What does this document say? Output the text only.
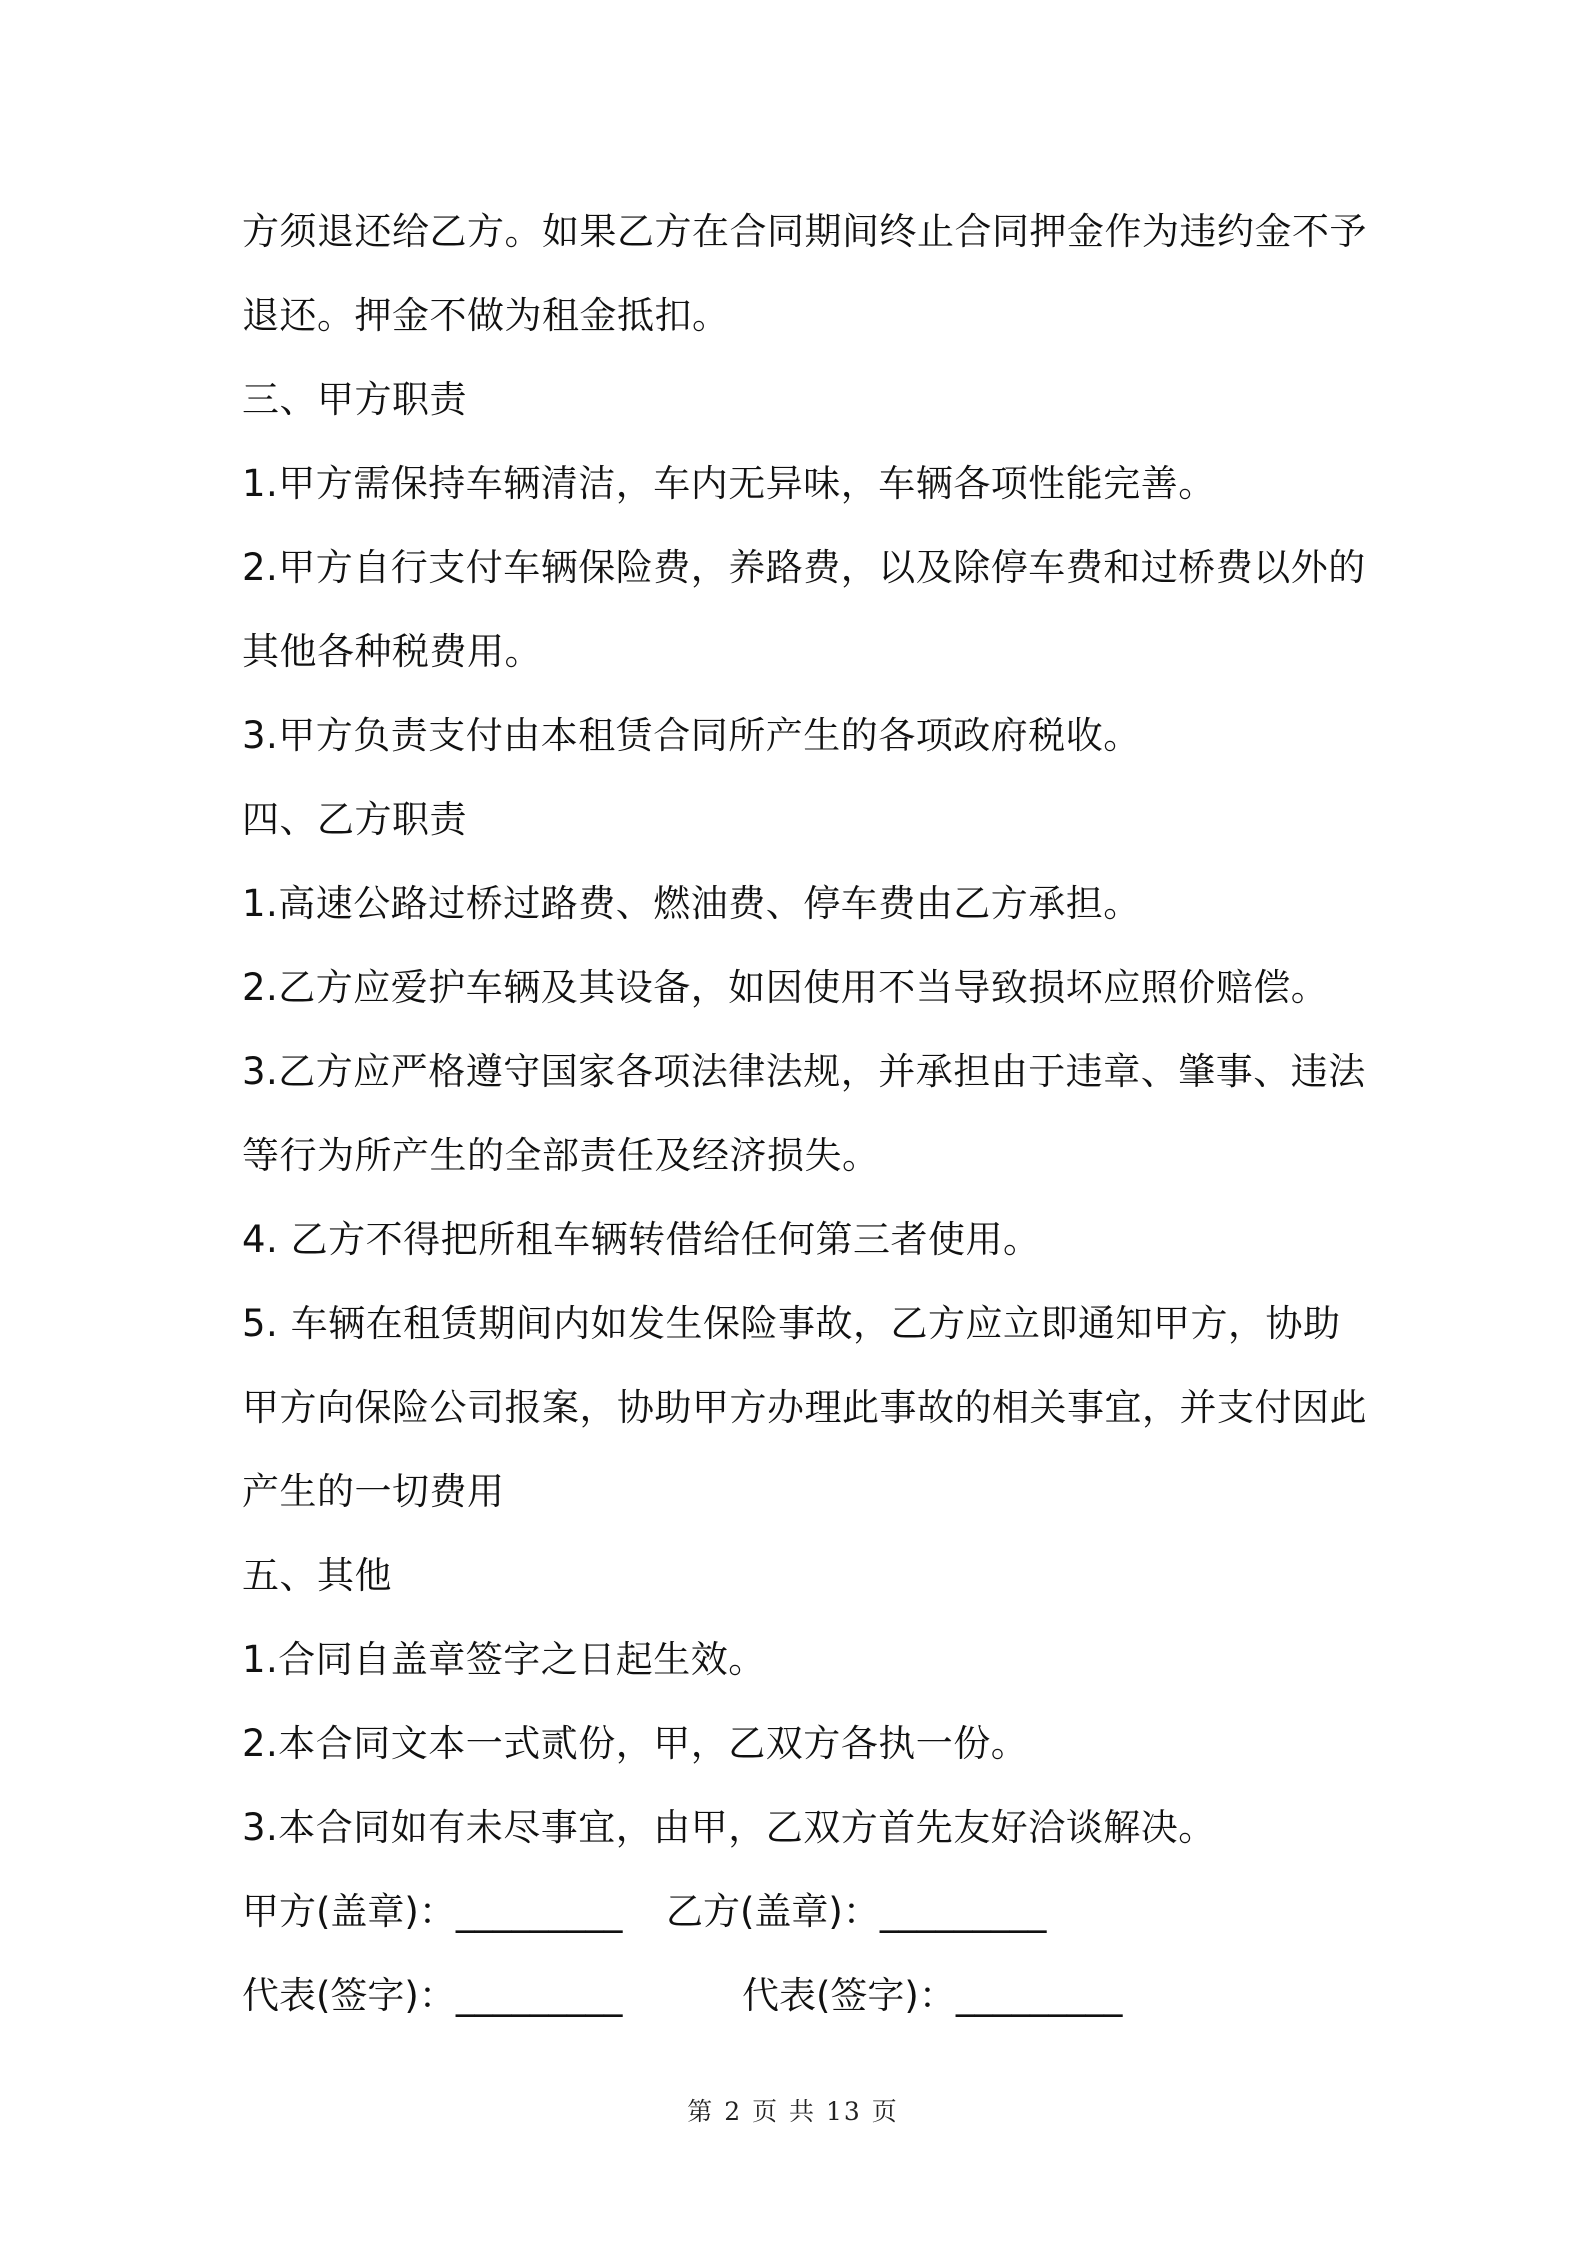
方须退还给乙方。如果乙方在合同期间终止合同押金作为违约金不予
退还。押金不做为租金抵扣。
三、甲方职责
1.甲方需保持车辆清洁，车内无异味，车辆各项性能完善。
2.甲方自行支付车辆保险费，养路费，以及除停车费和过桥费以外的
其他各种税费用。
3.甲方负责支付由本租赁合同所产生的各项政府税收。
四、乙方职责
1.高速公路过桥过路费、燃油费、停车费由乙方承担。
2.乙方应爱护车辆及其设备，如因使用不当导致损坏应照价赔偿。
3.乙方应严格遵守国家各项法律法规，并承担由于违章、肇事、违法
等行为所产生的全部责任及经济损失。
4. 乙方不得把所租车辆转借给任何第三者使用。
5. 车辆在租赁期间内如发生保险事故，乙方应立即通知甲方，协助
甲方向保险公司报案，协助甲方办理此事故的相关事宜，并支付因此
产生的一切费用
五、其他
1.合同自盖章签字之日起生效。
2.本合同文本一式贰份，甲，乙双方各执一份。
3.本合同如有未尽事宜，由甲，乙双方首先友好洽谈解决。
甲方(盖章)：_________ 乙方(盖章)：_________
代表(签字)：_________	代表(签字)：_________
第 2 页 共 13 页
